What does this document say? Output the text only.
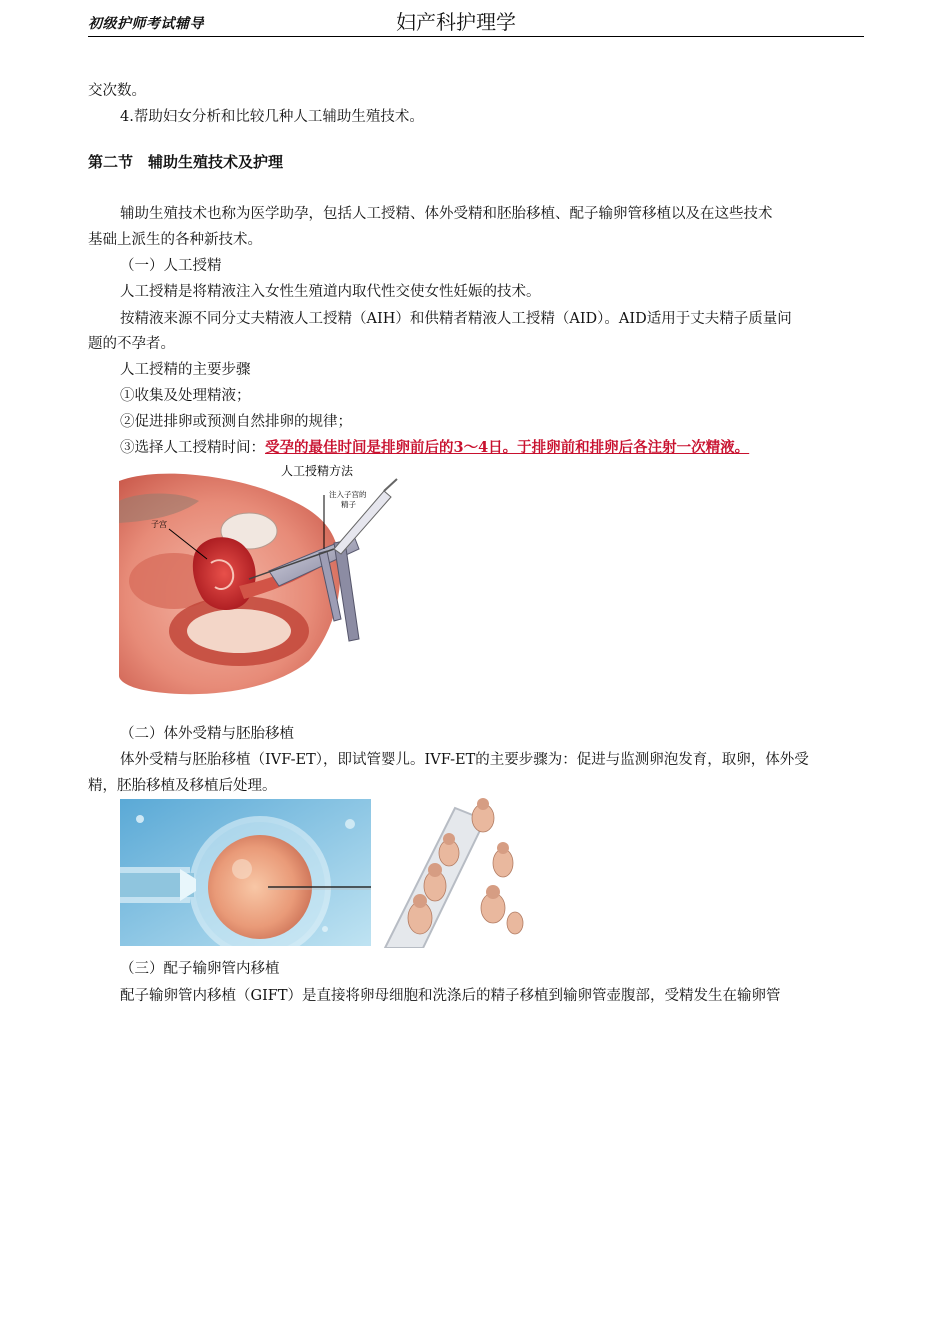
初级护师考试辅导	妇产科护理学
交次数。
4.帮助妇女分析和比较几种人工辅助生殖技术。
第二节　辅助生殖技术及护理
辅助生殖技术也称为医学助孕，包括人工授精、体外受精和胚胎移植、配子输卵管移植以及在这些技术
基础上派生的各种新技术。
（一）人工授精
人工授精是将精液注入女性生殖道内取代性交使女性妊娠的技术。
按精液来源不同分丈夫精液人工授精（AIH）和供精者精液人工授精（AID）。AID适用于丈夫精子质量问
题的不孕者。
人工授精的主要步骤
①收集及处理精液；
②促进排卵或预测自然排卵的规律；
③选择人工授精时间：受孕的最佳时间是排卵前后的3～4日。于排卵前和排卵后各注射一次精液。
人工授精方法
子宫
注入子宫的
精子
（二）体外受精与胚胎移植
体外受精与胚胎移植（IVF-ET），即试管婴儿。IVF-ET的主要步骤为：促进与监测卵泡发育，取卵，体外受
精，胚胎移植及移植后处理。
（三）配子输卵管内移植
配子输卵管内移植（GIFT）是直接将卵母细胞和洗涤后的精子移植到输卵管壶腹部，受精发生在输卵管
